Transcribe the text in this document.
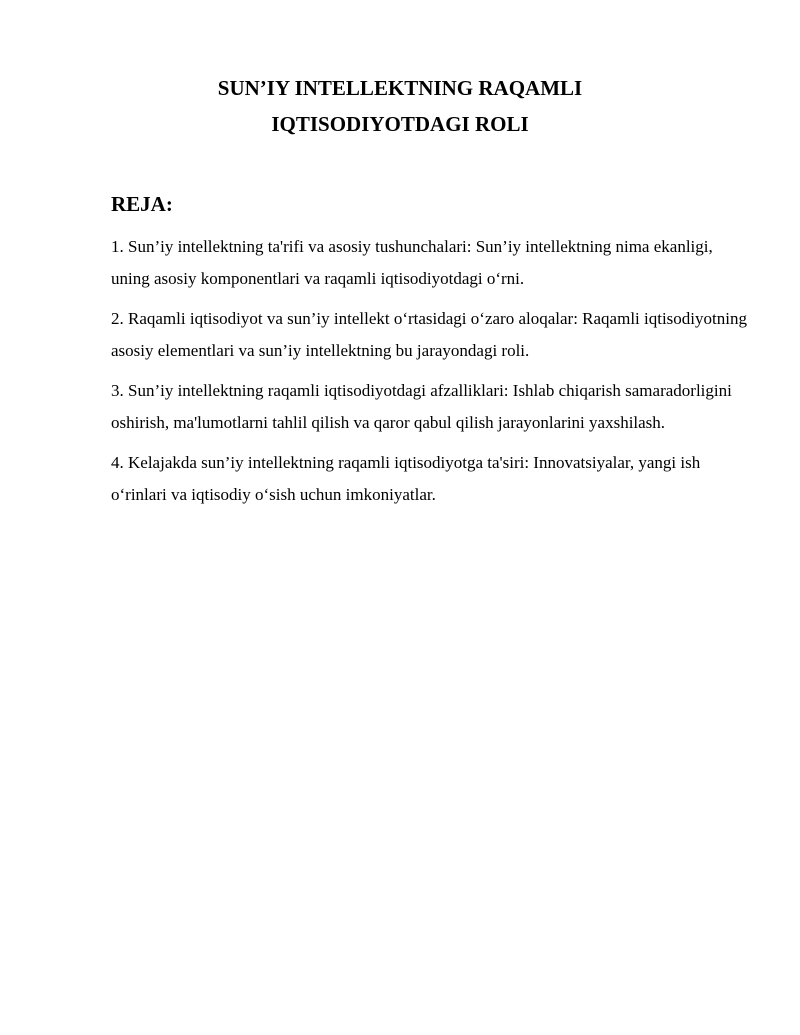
SUN’IY INTELLEKTNING RAQAMLI
IQTISODIYOTDAGI ROLI
REJA:
1. Sun’iy intellektning ta'rifi va asosiy tushunchalari: Sun’iy intellektning nima ekanligi, uning asosiy komponentlari va raqamli iqtisodiyotdagi o‘rni.
2. Raqamli iqtisodiyot va sun’iy intellekt o‘rtasidagi o‘zaro aloqalar: Raqamli iqtisodiyotning asosiy elementlari va sun’iy intellektning bu jarayondagi roli.
3. Sun’iy intellektning raqamli iqtisodiyotdagi afzalliklari: Ishlab chiqarish samaradorligini oshirish, ma'lumotlarni tahlil qilish va qaror qabul qilish jarayonlarini yaxshilash.
4. Kelajakda sun’iy intellektning raqamli iqtisodiyotga ta'siri: Innovatsiyalar, yangi ish o‘rinlari va iqtisodiy o‘sish uchun imkoniyatlar.
